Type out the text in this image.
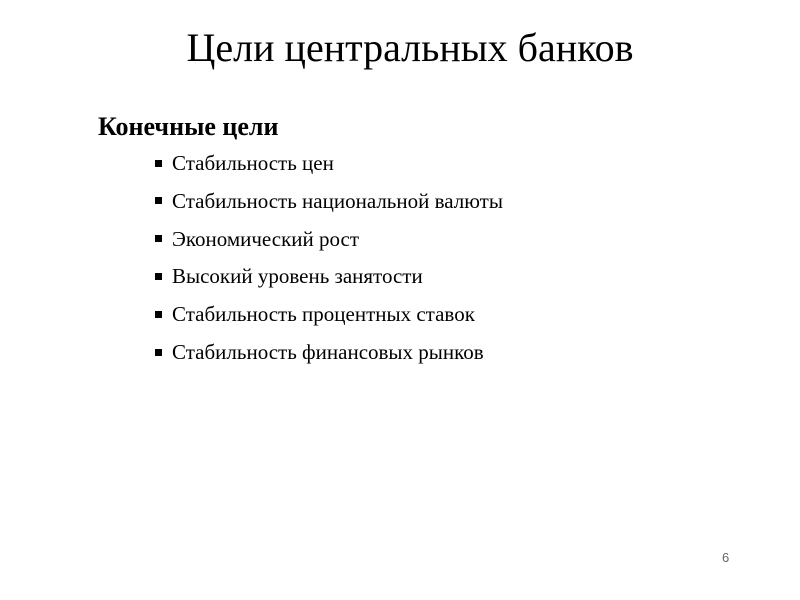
Цели центральных банков
Конечные цели
Стабильность цен
Стабильность национальной валюты
Экономический рост
Высокий уровень занятости
Стабильность процентных ставок
Стабильность финансовых рынков
6
